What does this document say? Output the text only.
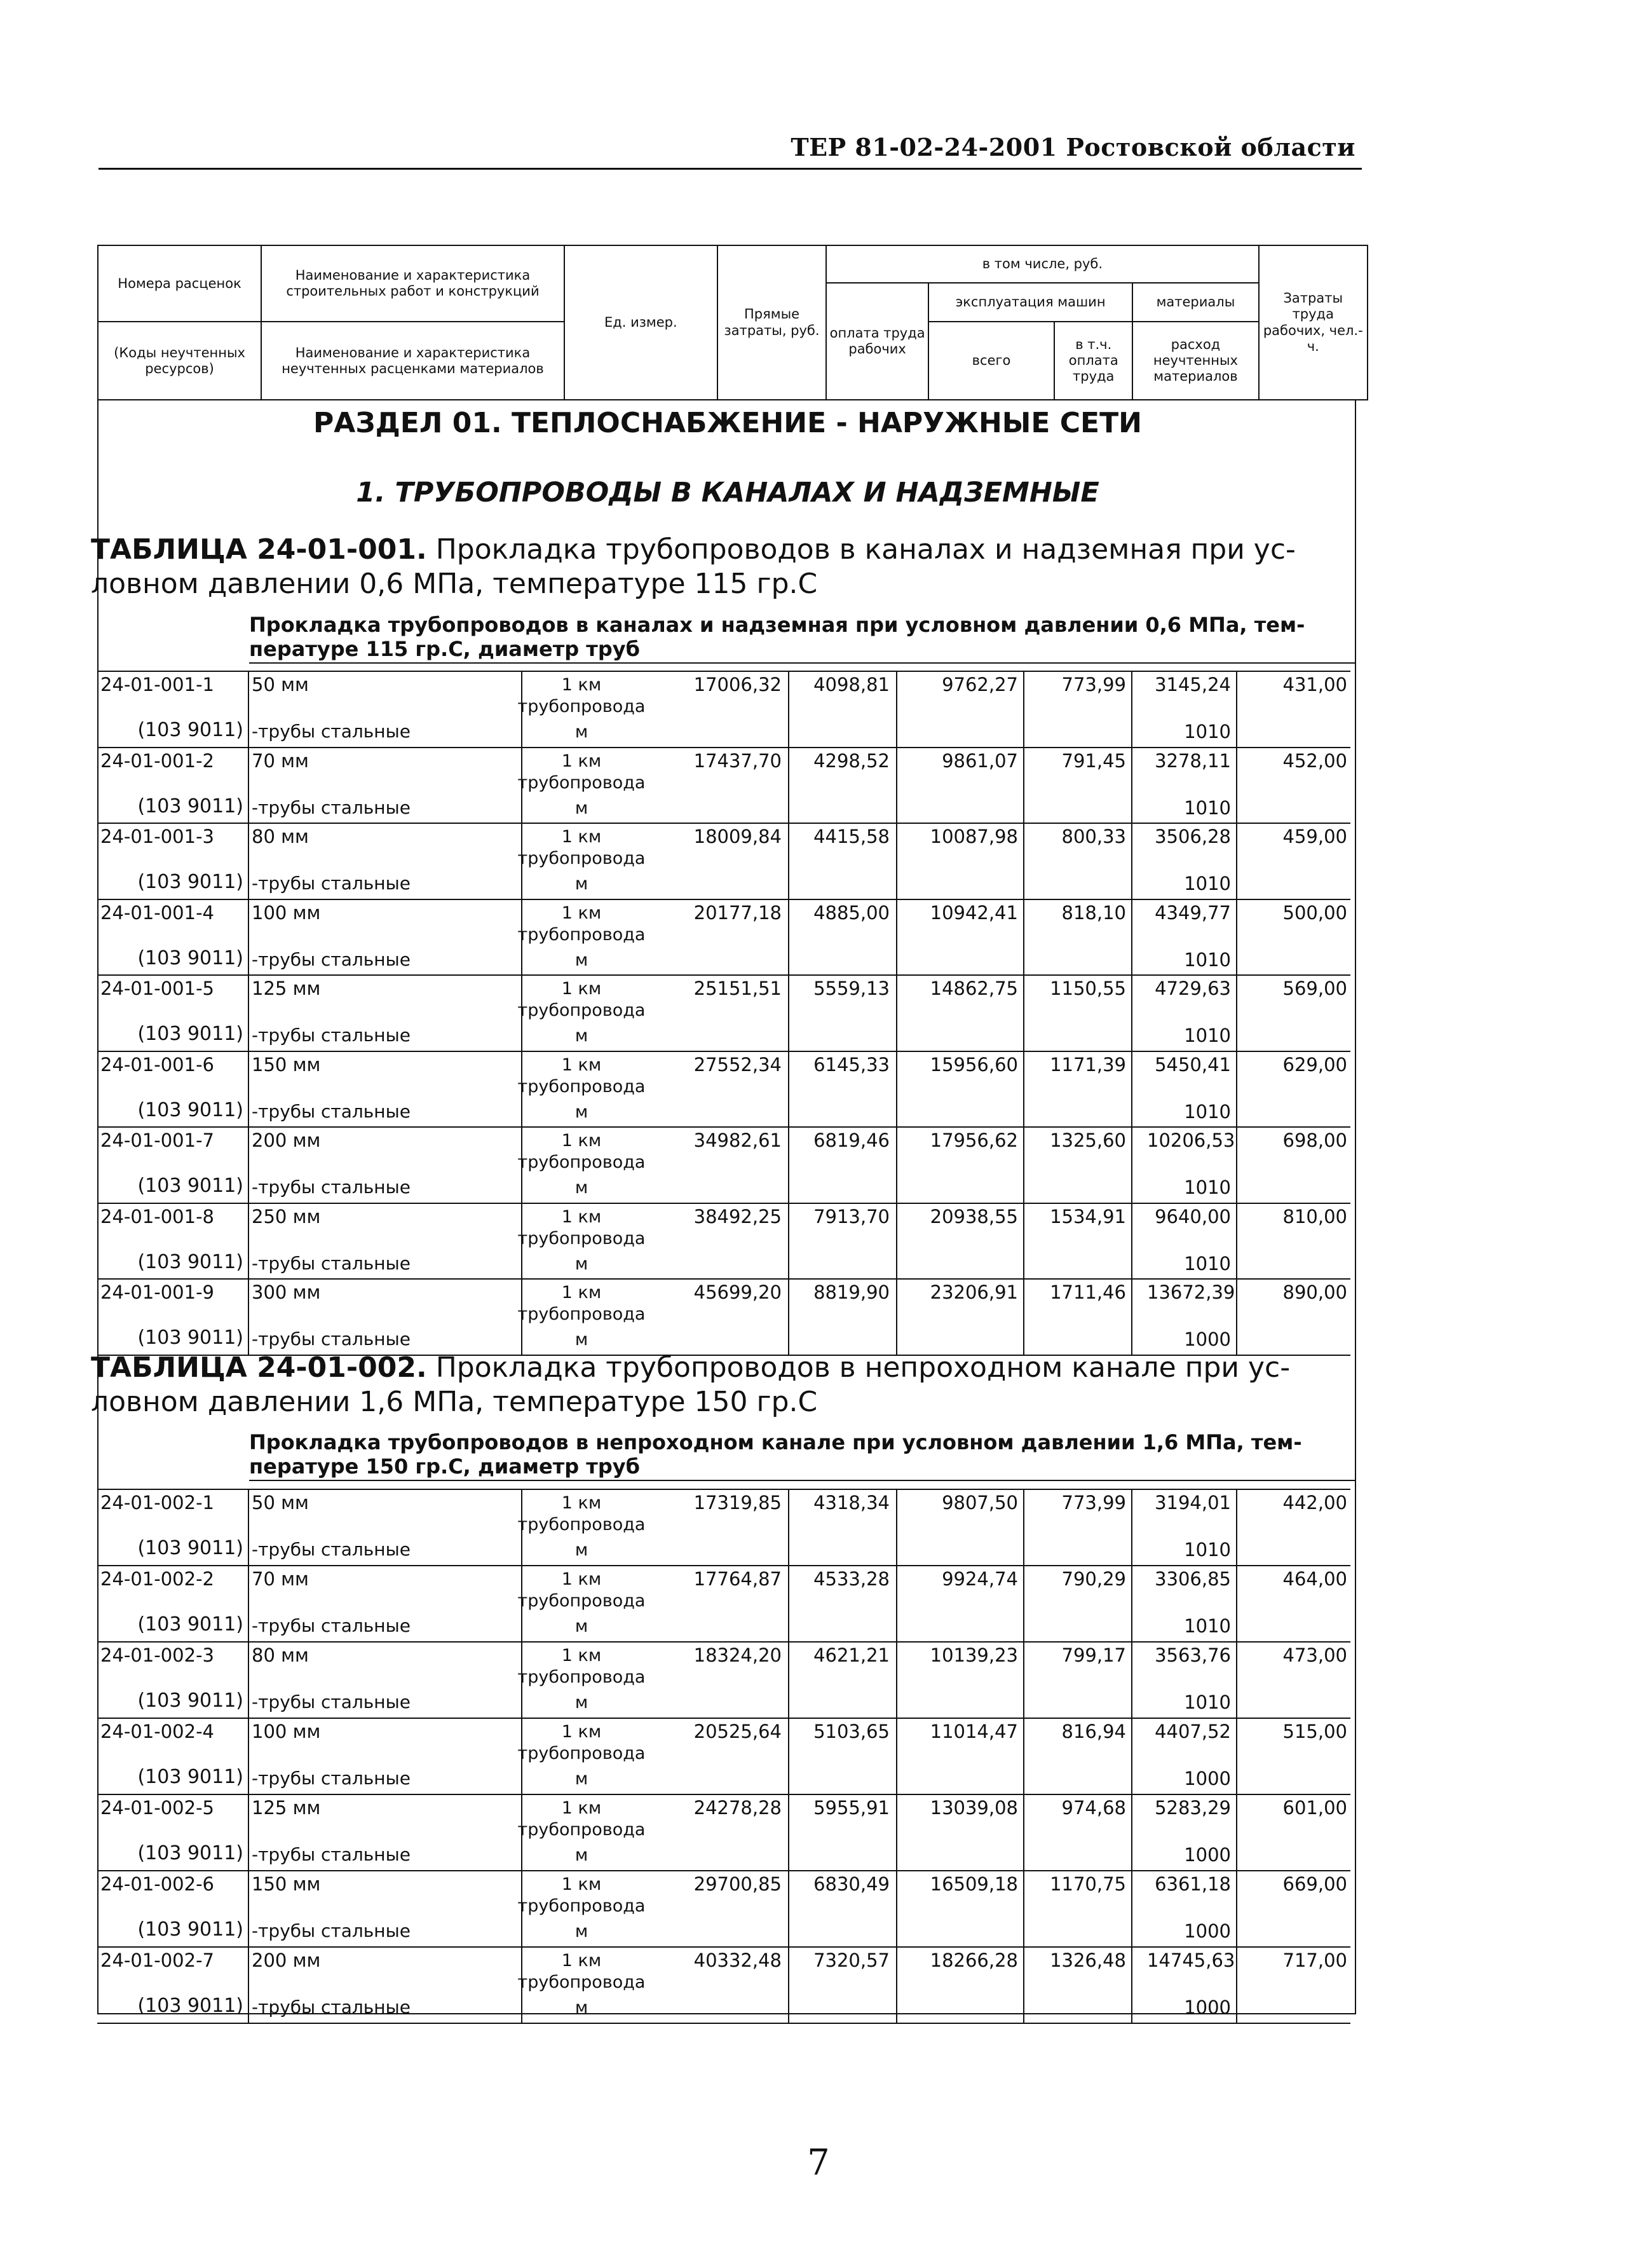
ТЕР 81-02-24-2001 Ростовской области
Номера расценок	Наименование и характеристика строительных работ и конструкций	Ед. измер.	Прямые затраты, руб.	в том числе, руб.				Затраты труда рабочих, чел.-ч.
				оплата труда рабочих	эксплуатация машин		материалы	
(Коды неучтенных ресурсов)	Наименование и характеристика неучтенных расценками материалов				всего	в т.ч. оплата труда	расход неучтенных материалов	

РАЗДЕЛ 01. ТЕПЛОСНАБЖЕНИЕ - НАРУЖНЫЕ СЕТИ
1. ТРУБОПРОВОДЫ В КАНАЛАХ И НАДЗЕМНЫЕ
ТАБЛИЦА 24-01-001. Прокладка трубопроводов в каналах и надземная при ус-
ловном давлении 0,6 МПа, температуре 115 гр.С
Прокладка трубопроводов в каналах и надземная при условном давлении 0,6 МПа, тем-
пературе 115 гр.С, диаметр труб
ТАБЛИЦА 24-01-002. Прокладка трубопроводов в непроходном канале при ус-
ловном давлении 1,6 МПа, температуре 150 гр.С
Прокладка трубопроводов в непроходном канале при условном давлении 1,6 МПа, тем-
пературе 150 гр.С, диаметр труб
24-01-001-1	50 мм	1 км
трубопровода
17006,32	4098,81	9762,27	773,99	3145,24	431,00
(103 9011) -трубы стальные	м	1010
24-01-001-2	70 мм	1 км
трубопровода
17437,70	4298,52	9861,07	791,45	3278,11	452,00
(103 9011) -трубы стальные	м	1010
24-01-001-3	80 мм	1 км
трубопровода
18009,84	4415,58	10087,98	800,33	3506,28	459,00
(103 9011) -трубы стальные	м	1010
24-01-001-4	100 мм	1 км
трубопровода
20177,18	4885,00	10942,41	818,10	4349,77	500,00
(103 9011) -трубы стальные	м	1010
24-01-001-5	125 мм	1 км
трубопровода
25151,51	5559,13	14862,75	1150,55	4729,63	569,00
(103 9011) -трубы стальные	м	1010
24-01-001-6	150 мм	1 км
трубопровода
27552,34	6145,33	15956,60	1171,39	5450,41	629,00
(103 9011) -трубы стальные	м	1010
24-01-001-7	200 мм	1 км
трубопровода
34982,61	6819,46	17956,62	1325,60 10206,53	698,00
(103 9011) -трубы стальные	м	1010
24-01-001-8	250 мм	1 км
трубопровода
38492,25	7913,70	20938,55	1534,91	9640,00	810,00
(103 9011) -трубы стальные	м	1010
24-01-001-9	300 мм	1 км
трубопровода
45699,20	8819,90	23206,91	1711,46 13672,39	890,00
(103 9011) -трубы стальные	м	1000
24-01-002-1	50 мм	1 км
трубопровода
17319,85	4318,34	9807,50	773,99	3194,01	442,00
(103 9011) -трубы стальные	м	1010
24-01-002-2	70 мм	1 км
трубопровода
17764,87	4533,28	9924,74	790,29	3306,85	464,00
(103 9011) -трубы стальные	м	1010
24-01-002-3	80 мм	1 км
трубопровода
18324,20	4621,21	10139,23	799,17	3563,76	473,00
(103 9011) -трубы стальные	м	1010
24-01-002-4	100 мм	1 км
трубопровода
20525,64	5103,65	11014,47	816,94	4407,52	515,00
(103 9011) -трубы стальные	м	1000
24-01-002-5	125 мм	1 км
трубопровода
24278,28	5955,91	13039,08	974,68	5283,29	601,00
(103 9011) -трубы стальные	м	1000
24-01-002-6	150 мм	1 км
трубопровода
29700,85	6830,49	16509,18	1170,75	6361,18	669,00
(103 9011) -трубы стальные	м	1000
24-01-002-7	200 мм	1 км
трубопровода
40332,48	7320,57	18266,28	1326,48 14745,63	717,00
(103 9011) -трубы стальные	м	1000
7
